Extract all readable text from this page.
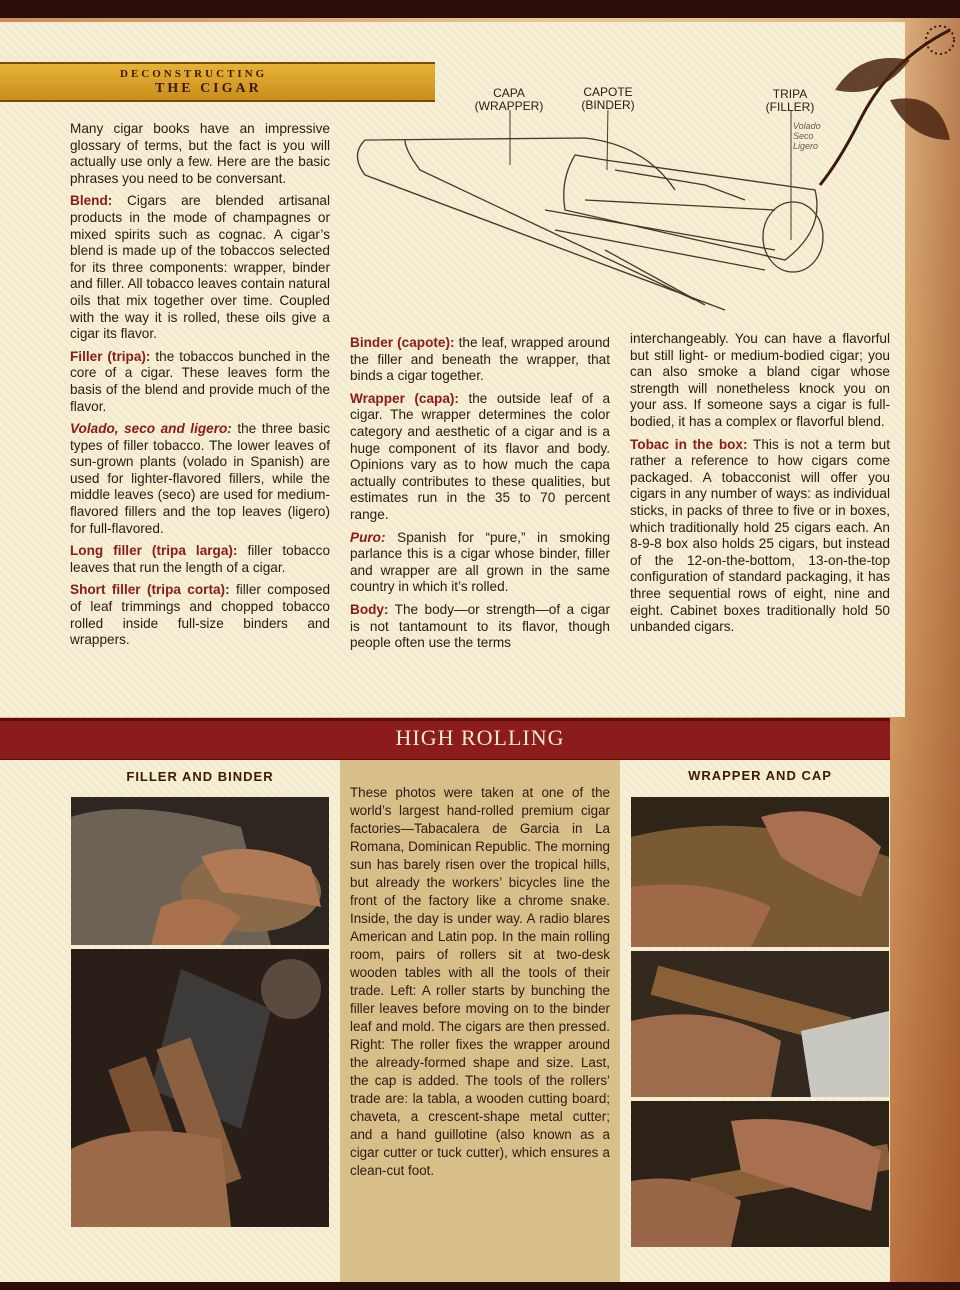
DECONSTRUCTING
THE CIGAR	CAPA
(WRAPPER)
CAPOTE
(BINDER)
TRIPA
(FILLER)
Volado
Seco
Ligero

Many cigar books have an impressive glossary of terms, but the fact is you will actually use only a few. Here are the basic phrases you need to be conversant.

Blend: Cigars are blended artisanal products in the mode of champagnes or mixed spirits such as cognac. A cigar’s blend is made up of the tobaccos selected for its three components: wrapper, binder and filler. All tobacco leaves contain natural oils that mix together over time. Coupled with the way it is rolled, these oils give a cigar its flavor.

Filler (tripa): the tobaccos bunched in the core of a cigar. These leaves form the basis of the blend and provide much of the flavor.

Volado, seco and ligero: the three basic types of filler tobacco. The lower leaves of sun-grown plants (volado in Spanish) are used for lighter-flavored fillers, while the middle leaves (seco) are used for medium-flavored fillers and the top leaves (ligero) for full-flavored.

Long filler (tripa larga): filler tobacco leaves that run the length of a cigar.

Short filler (tripa corta): filler composed of leaf trimmings and chopped tobacco rolled inside full-size binders and wrappers.

Binder (capote): the leaf, wrapped around the filler and beneath the wrapper, that binds a cigar together.

Wrapper (capa): the outside leaf of a cigar. The wrapper determines the color category and aesthetic of a cigar and is a huge component of its flavor and body. Opinions vary as to how much the capa actually contributes to these qualities, but estimates run in the 35 to 70 percent range.

Puro: Spanish for “pure,” in smoking parlance this is a cigar whose binder, filler and wrapper are all grown in the same country in which it’s rolled.

Body: The body—or strength—of a cigar is not tantamount to its flavor, though people often use the terms

interchangeably. You can have a flavorful but still light- or medium-bodied cigar; you can also smoke a bland cigar whose strength will nonetheless knock you on your ass. If someone says a cigar is full-bodied, it has a complex or flavorful blend.

Tobac in the box: This is not a term but rather a reference to how cigars come packaged. A tobacconist will offer you cigars in any number of ways: as individual sticks, in packs of three to five or in boxes, which traditionally hold 25 cigars each. An 8-9-8 box also holds 25 cigars, but instead of the 12-on-the-bottom, 13-on-the-top configuration of standard packaging, it has three sequential rows of eight, nine and eight. Cabinet boxes traditionally hold 50 unbanded cigars.

HIGH ROLLING
FILLER AND BINDER	WRAPPER AND CAP
These photos were taken at one of the world’s largest hand-rolled premium cigar factories—Tabacalera de Garcia in La Romana, Dominican Republic. The morning sun has barely risen over the tropical hills, but already the workers’ bicycles line the front of the factory like a chrome snake. Inside, the day is under way. A radio blares American and Latin pop. In the main rolling room, pairs of rollers sit at two-desk wooden tables with all the tools of their trade. Left: A roller starts by bunching the filler leaves before moving on to the binder leaf and mold. The cigars are then pressed. Right: The roller fixes the wrapper around the already-formed shape and size. Last, the cap is added. The tools of the rollers’ trade are: la tabla, a wooden cutting board; chaveta, a crescent-shape metal cutter; and a hand guillotine (also known as a cigar cutter or tuck cutter), which ensures a clean-cut foot.
